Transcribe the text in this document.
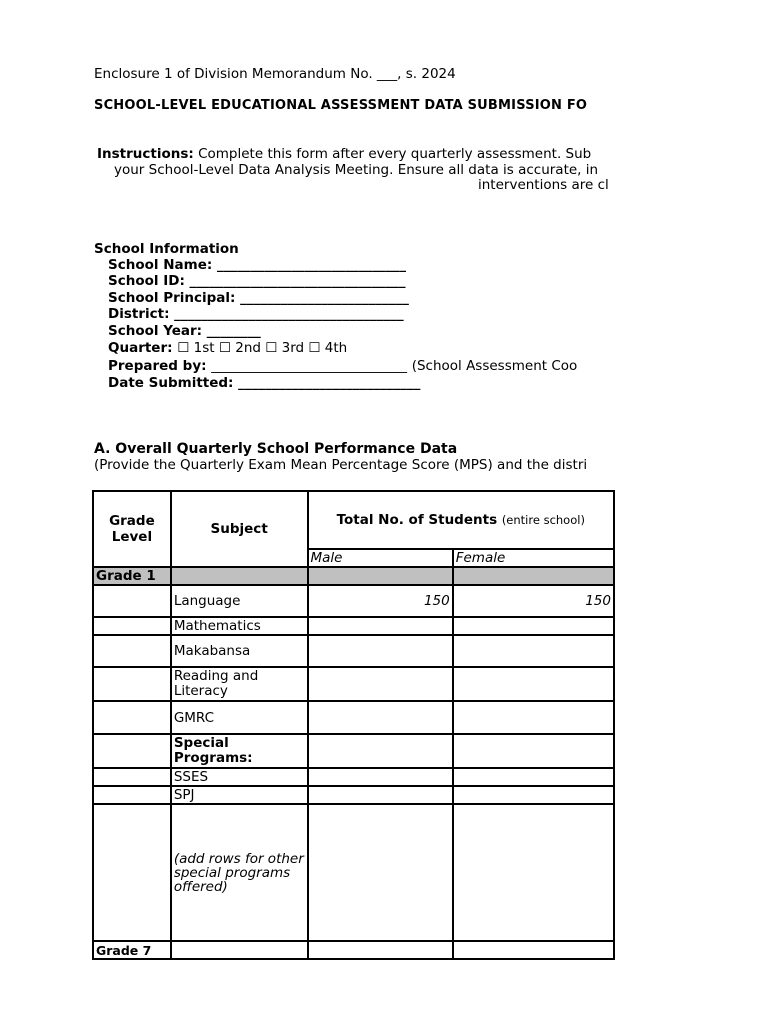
Enclosure 1 of Division Memorandum No. ___, s. 2024
SCHOOL-LEVEL EDUCATIONAL ASSESSMENT DATA SUBMISSION FO
Instructions: Complete this form after every quarterly assessment. Sub
your School-Level Data Analysis Meeting. Ensure all data is accurate, in
interventions are cl
School Information
School Name: ____________________________
School ID: ________________________________
School Principal: _________________________
District: __________________________________
School Year: ________
Quarter: ☐ 1st ☐ 2nd ☐ 3rd ☐ 4th
Prepared by: _____________________________ (School Assessment Coo
Date Submitted: ___________________________
A. Overall Quarterly School Performance Data
(Provide the Quarterly Exam Mean Percentage Score (MPS) and the distri
Grade Level	Subject	Total No. of Students (entire school)	
		Male	Female
Grade 1			
	Language	150	150
	Mathematics		
	Makabansa		
	Reading and Literacy		
	GMRC		
	Special Programs:		
	SSES		
	SPJ		
	(add rows for other special programs offered)		
Grade 7			
